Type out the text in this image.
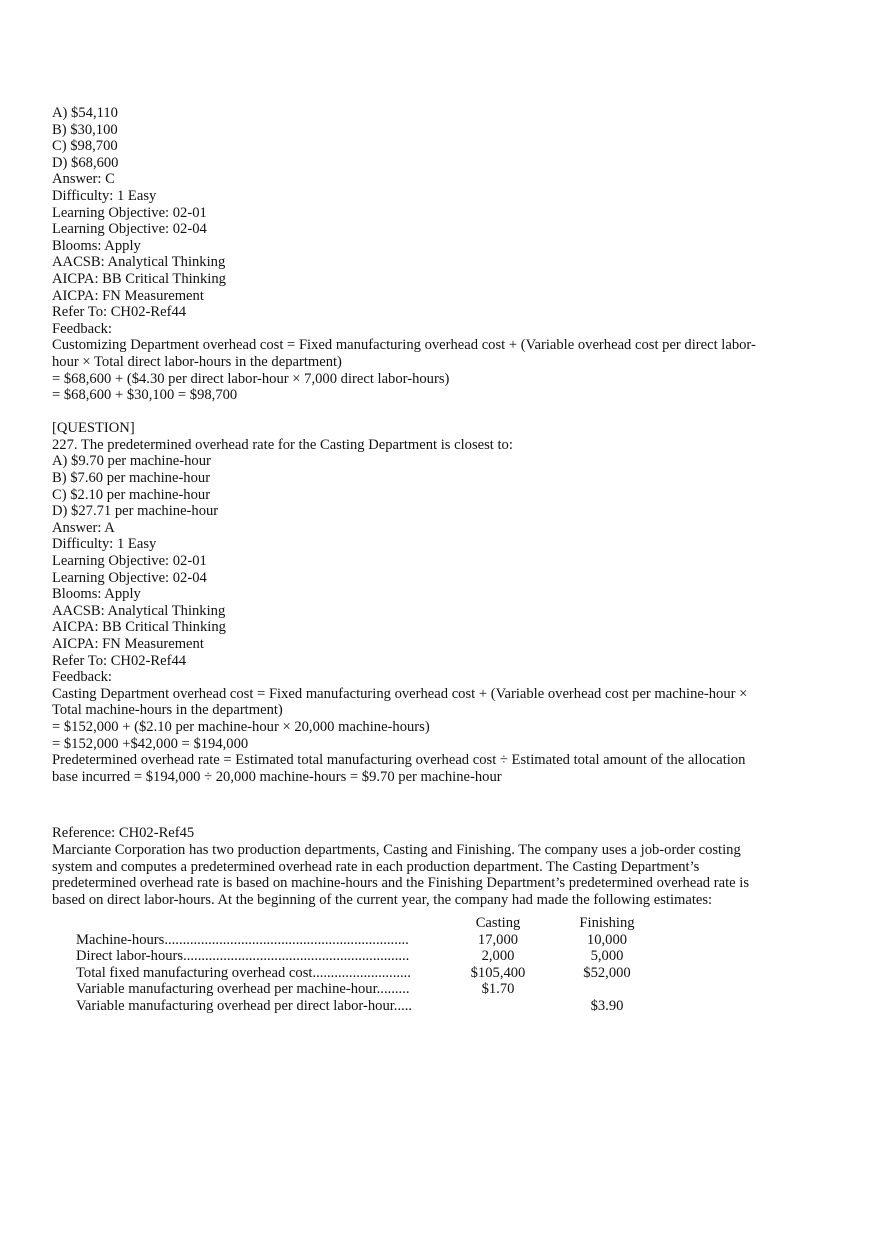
A) $54,110
B) $30,100
C) $98,700
D) $68,600
Answer: C
Difficulty: 1 Easy
Learning Objective: 02-01
Learning Objective: 02-04
Blooms: Apply
AACSB: Analytical Thinking
AICPA: BB Critical Thinking
AICPA: FN Measurement
Refer To: CH02-Ref44
Feedback:
Customizing Department overhead cost = Fixed manufacturing overhead cost + (Variable overhead cost per direct labor-
hour × Total direct labor-hours in the department)
= $68,600 + ($4.30 per direct labor-hour × 7,000 direct labor-hours)
= $68,600 + $30,100 = $98,700
[QUESTION]
227. The predetermined overhead rate for the Casting Department is closest to:
A) $9.70 per machine-hour
B) $7.60 per machine-hour
C) $2.10 per machine-hour
D) $27.71 per machine-hour
Answer: A
Difficulty: 1 Easy
Learning Objective: 02-01
Learning Objective: 02-04
Blooms: Apply
AACSB: Analytical Thinking
AICPA: BB Critical Thinking
AICPA: FN Measurement
Refer To: CH02-Ref44
Feedback:
Casting Department overhead cost = Fixed manufacturing overhead cost + (Variable overhead cost per machine-hour ×
Total machine-hours in the department)
= $152,000 + ($2.10 per machine-hour × 20,000 machine-hours)
= $152,000 +$42,000 = $194,000
Predetermined overhead rate = Estimated total manufacturing overhead cost ÷ Estimated total amount of the allocation
base incurred = $194,000 ÷ 20,000 machine-hours = $9.70 per machine-hour
Reference: CH02-Ref45
Marciante Corporation has two production departments, Casting and Finishing. The company uses a job-order costing
system and computes a predetermined overhead rate in each production department. The Casting Department’s
predetermined overhead rate is based on machine-hours and the Finishing Department’s predetermined overhead rate is
based on direct labor-hours. At the beginning of the current year, the company had made the following estimates:
	Casting	Finishing
Machine-hours...................................................................	17,000	10,000
Direct labor-hours..............................................................	2,000	5,000
Total fixed manufacturing overhead cost...........................	$105,400	$52,000
Variable manufacturing overhead per machine-hour.........	$1.70	
Variable manufacturing overhead per direct labor-hour.....		$3.90
